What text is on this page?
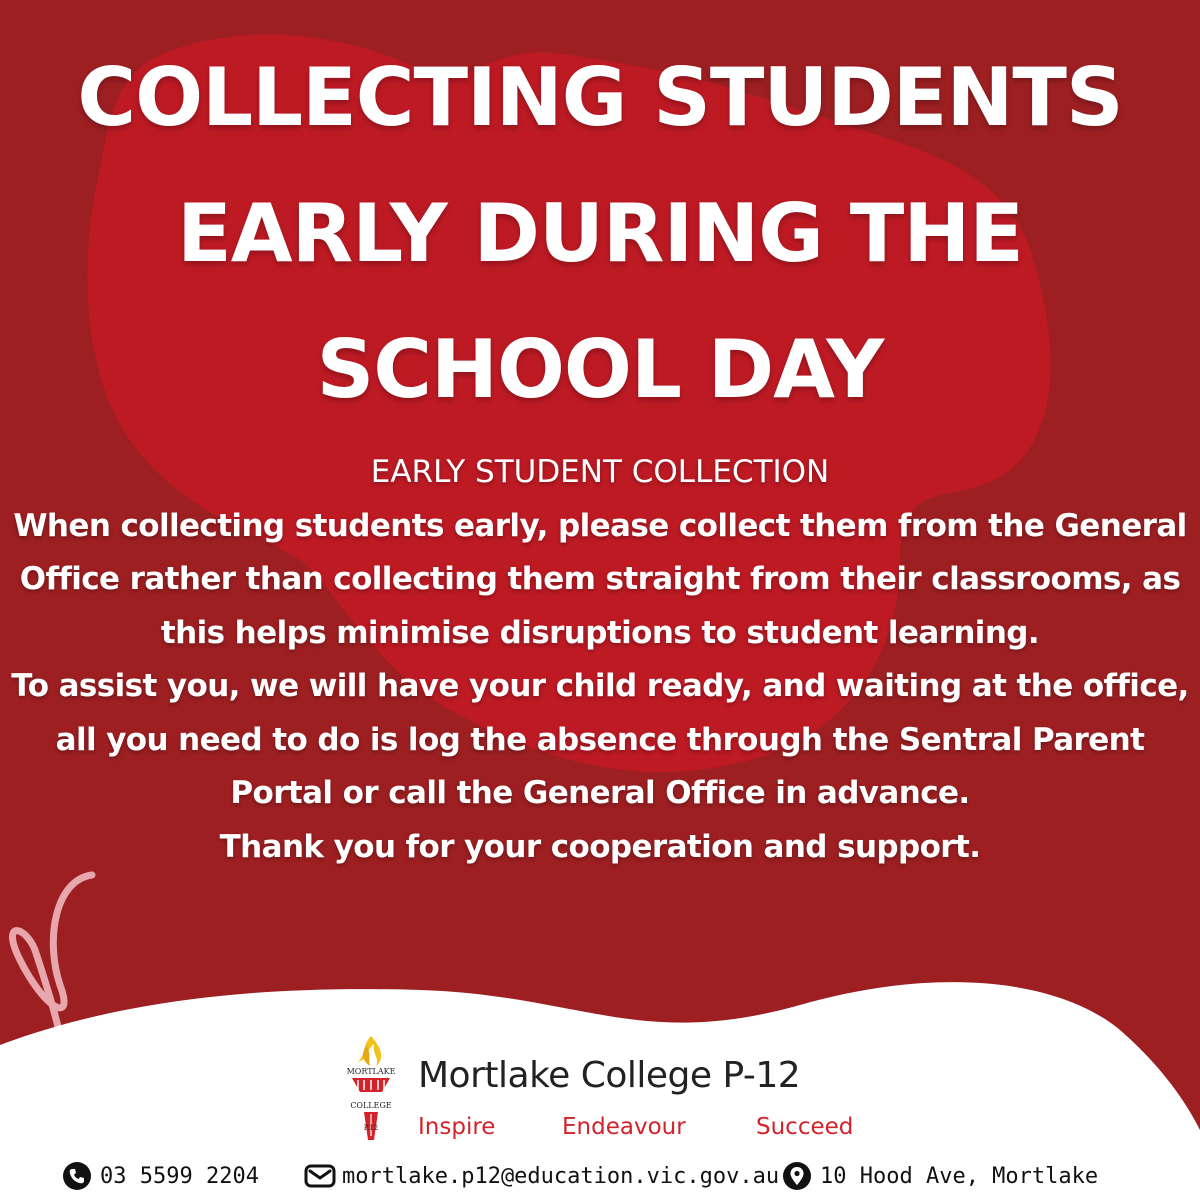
COLLECTING STUDENTS
EARLY DURING THE
SCHOOL DAY

EARLY STUDENT COLLECTION

When collecting students early, please collect them from the General Office rather than collecting them straight from their classrooms, as this helps minimise disruptions to student learning.

To assist you, we will have your child ready, and waiting at the office, all you need to do is log the absence through the Sentral Parent Portal or call the General Office in advance.

Thank you for your cooperation and support.

MORTLAKE
COLLEGE
P.12
Mortlake College P-12
Inspire	Endeavour	Succeed
03 5599 2204	mortlake.p12@education.vic.gov.au 10 Hood Ave, Mortlake
